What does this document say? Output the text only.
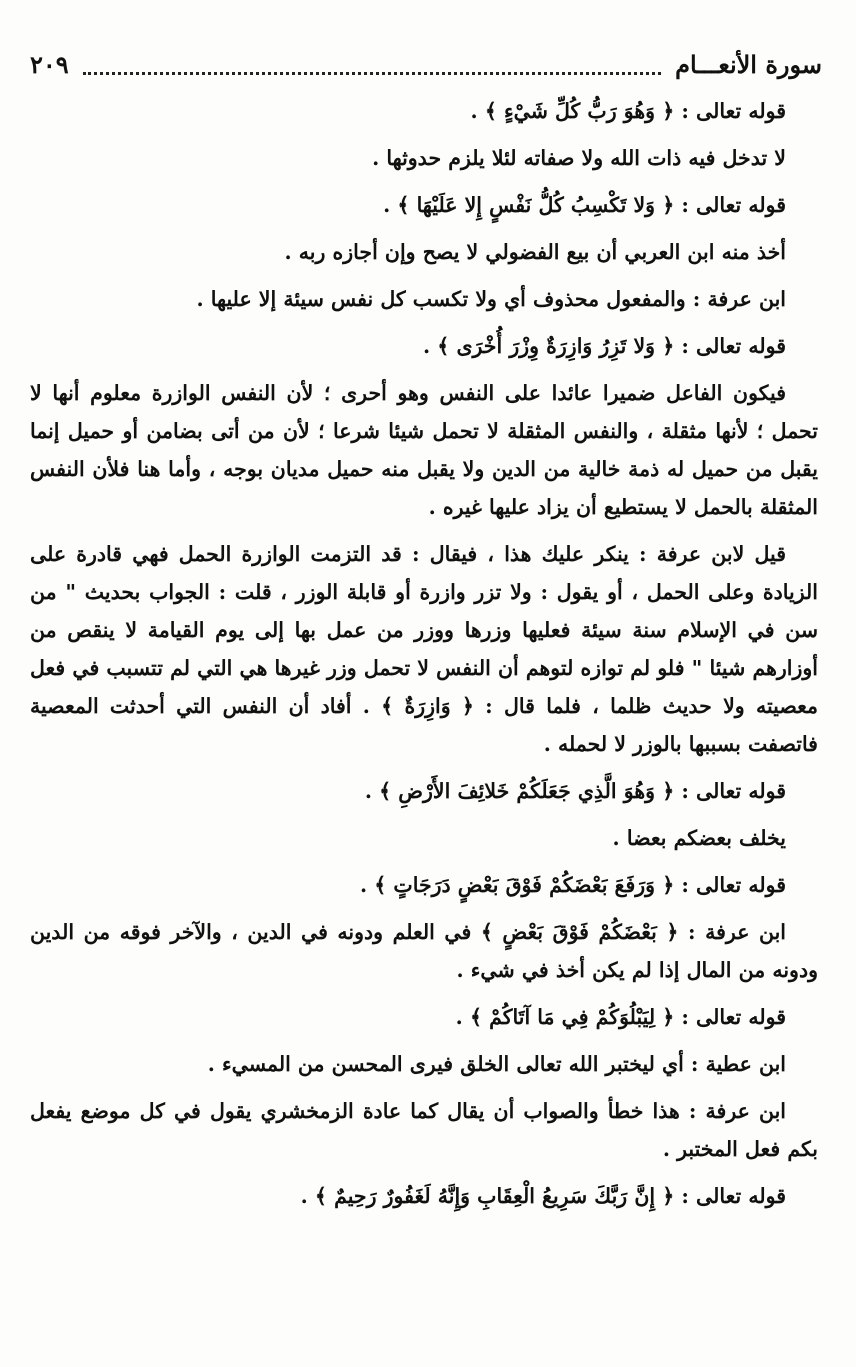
سورة الأنعـــام
٢٠٩

قوله تعالى : ﴿ وَهُوَ رَبُّ كُلِّ شَيْءٍ ﴾ .

لا تدخل فيه ذات الله ولا صفاته لئلا يلزم حدوثها .

قوله تعالى : ﴿ وَلا تَكْسِبُ كُلُّ نَفْسٍ إِلا عَلَيْهَا ﴾ .

أخذ منه ابن العربي أن بيع الفضولي لا يصح وإن أجازه ربه .

ابن عرفة : والمفعول محذوف أي ولا تكسب كل نفس سيئة إلا عليها .

قوله تعالى : ﴿ وَلا تَزِرُ وَازِرَةٌ وِزْرَ أُخْرَى ﴾ .

فيكون الفاعل ضميرا عائدا على النفس وهو أحرى ؛ لأن النفس الوازرة معلوم أنها لا تحمل ؛ لأنها مثقلة ، والنفس المثقلة لا تحمل شيئا شرعا ؛ لأن من أتى بضامن أو حميل إنما يقبل من حميل له ذمة خالية من الدين ولا يقبل منه حميل مديان بوجه ، وأما هنا فلأن النفس المثقلة بالحمل لا يستطيع أن يزاد عليها غيره .

قيل لابن عرفة : ينكر عليك هذا ، فيقال : قد التزمت الوازرة الحمل فهي قادرة على الزيادة وعلى الحمل ، أو يقول : ولا تزر وازرة أو قابلة الوزر ، قلت : الجواب بحديث " من سن في الإسلام سنة سيئة فعليها وزرها ووزر من عمل بها إلى يوم القيامة لا ينقص من أوزارهم شيئا " فلو لم توازه لتوهم أن النفس لا تحمل وزر غيرها هي التي لم تتسبب في فعل معصيته ولا حديث ظلما ، فلما قال : ﴿ وَازِرَةٌ ﴾ . أفاد أن النفس التي أحدثت المعصية فاتصفت بسببها بالوزر لا لحمله .

قوله تعالى : ﴿ وَهُوَ الَّذِي جَعَلَكُمْ خَلائِفَ الأَرْضِ ﴾ .

يخلف بعضكم بعضا .

قوله تعالى : ﴿ وَرَفَعَ بَعْضَكُمْ فَوْقَ بَعْضٍ دَرَجَاتٍ ﴾ .

ابن عرفة : ﴿ بَعْضَكُمْ فَوْقَ بَعْضٍ ﴾ في العلم ودونه في الدين ، والآخر فوقه من الدين ودونه من المال إذا لم يكن أخذ في شيء .

قوله تعالى : ﴿ لِيَبْلُوَكُمْ فِي مَا آتَاكُمْ ﴾ .

ابن عطية : أي ليختبر الله تعالى الخلق فيرى المحسن من المسيء .

ابن عرفة : هذا خطأ والصواب أن يقال كما عادة الزمخشري يقول في كل موضع يفعل بكم فعل المختبر .

قوله تعالى : ﴿ إِنَّ رَبَّكَ سَرِيعُ الْعِقَابِ وَإِنَّهُ لَغَفُورٌ رَحِيمٌ ﴾ .
